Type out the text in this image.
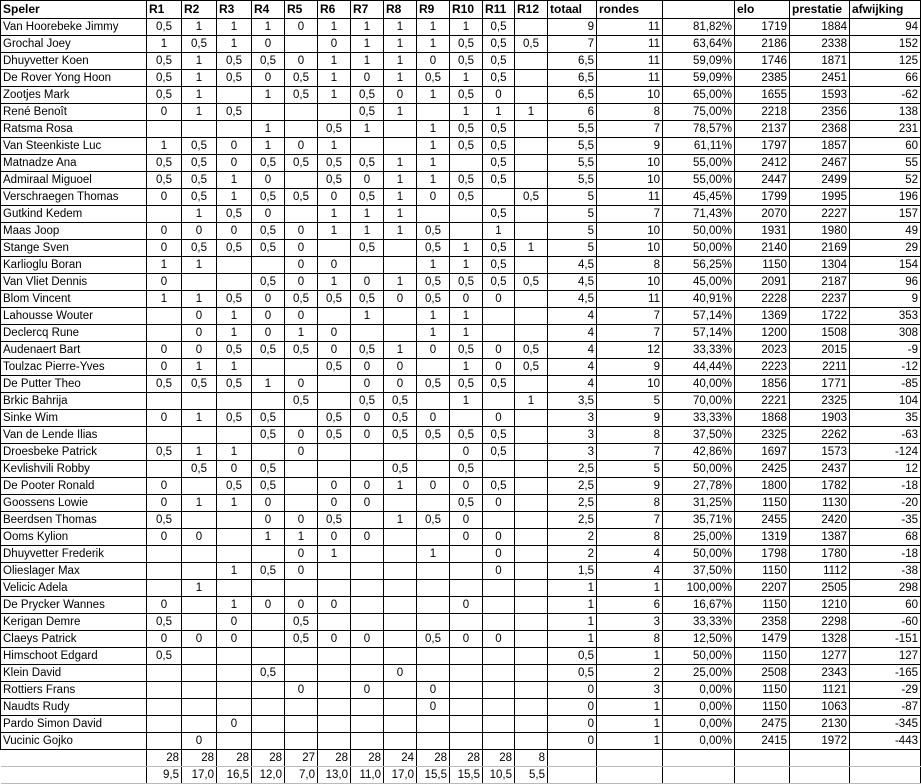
Speler	R1	R2	R3	R4	R5	R6	R7	R8	R9	R10	R11	R12	totaal	rondes		elo	prestatie	afwijking
Van Hoorebeke Jimmy	0,5	1	1	1	0	1	1	1	1	1	0,5		9	11	81,82%	1719	1884	94
Grochal Joey	1	0,5	1	0		0	1	1	1	0,5	0,5	0,5	7	11	63,64%	2186	2338	152
Dhuyvetter Koen	0,5	1	0,5	0,5	0	1	1	1	0	0,5	0,5		6,5	11	59,09%	1746	1871	125
De Rover Yong Hoon	0,5	1	0,5	0	0,5	1	0	1	0,5	1	0,5		6,5	11	59,09%	2385	2451	66
Zootjes Mark	0,5	1		1	0,5	1	0,5	0	1	0,5	0		6,5	10	65,00%	1655	1593	-62
René Benoît	0	1	0,5				0,5	1		1	1	1	6	8	75,00%	2218	2356	138
Ratsma Rosa				1		0,5	1		1	0,5	0,5		5,5	7	78,57%	2137	2368	231
Van Steenkiste Luc	1	0,5	0	1	0	1			1	0,5	0,5		5,5	9	61,11%	1797	1857	60
Matnadze Ana	0,5	0,5	0	0,5	0,5	0,5	0,5	1	1		0,5		5,5	10	55,00%	2412	2467	55
Admiraal Miguoel	0,5	0,5	1	0		0,5	0	1	1	0,5	0,5		5,5	10	55,00%	2447	2499	52
Verschraegen Thomas	0	0,5	1	0,5	0,5	0	0,5	1	0	0,5		0,5	5	11	45,45%	1799	1995	196
Gutkind Kedem		1	0,5	0		1	1	1			0,5		5	7	71,43%	2070	2227	157
Maas Joop	0	0	0	0,5	0	1	1	1	0,5		1		5	10	50,00%	1931	1980	49
Stange Sven	0	0,5	0,5	0,5	0		0,5		0,5	1	0,5	1	5	10	50,00%	2140	2169	29
Karlioglu Boran	1	1			0	0			1	1	0,5		4,5	8	56,25%	1150	1304	154
Van Vliet Dennis	0			0,5	0	1	0	1	0,5	0,5	0,5	0,5	4,5	10	45,00%	2091	2187	96
Blom Vincent	1	1	0,5	0	0,5	0,5	0,5	0	0,5	0	0		4,5	11	40,91%	2228	2237	9
Lahousse Wouter		0	1	0	0		1		1	1			4	7	57,14%	1369	1722	353
Declercq Rune		0	1	0	1	0			1	1			4	7	57,14%	1200	1508	308
Audenaert Bart	0	0	0,5	0,5	0,5	0	0,5	1	0	0,5	0	0,5	4	12	33,33%	2023	2015	-9
Toulzac Pierre-Yves	0	1	1			0,5	0	0		1	0	0,5	4	9	44,44%	2223	2211	-12
De Putter Theo	0,5	0,5	0,5	1	0		0	0	0,5	0,5	0,5		4	10	40,00%	1856	1771	-85
Brkic Bahrija					0,5		0,5	0,5		1		1	3,5	5	70,00%	2221	2325	104
Sinke Wim	0	1	0,5	0,5		0,5	0	0,5	0		0		3	9	33,33%	1868	1903	35
Van de Lende Ilias				0,5	0	0,5	0	0,5	0,5	0,5	0,5		3	8	37,50%	2325	2262	-63
Droesbeke Patrick	0,5	1	1		0					0	0,5		3	7	42,86%	1697	1573	-124
Kevlishvili Robby		0,5	0	0,5				0,5		0,5			2,5	5	50,00%	2425	2437	12
De Pooter Ronald	0		0,5	0,5		0	0	1	0	0	0,5		2,5	9	27,78%	1800	1782	-18
Goossens Lowie	0	1	1	0		0	0			0,5	0		2,5	8	31,25%	1150	1130	-20
Beerdsen Thomas	0,5			0	0	0,5		1	0,5	0			2,5	7	35,71%	2455	2420	-35
Ooms Kylion	0	0		1	1	0	0			0	0		2	8	25,00%	1319	1387	68
Dhuyvetter Frederik					0	1			1		0		2	4	50,00%	1798	1780	-18
Olieslager Max			1	0,5	0						0		1,5	4	37,50%	1150	1112	-38
Velicic Adela		1											1	1	100,00%	2207	2505	298
De Prycker Wannes	0		1	0	0	0				0			1	6	16,67%	1150	1210	60
Kerigan Demre	0,5		0		0,5								1	3	33,33%	2358	2298	-60
Claeys Patrick	0	0	0		0,5	0	0		0,5	0	0		1	8	12,50%	1479	1328	-151
Himschoot Edgard	0,5												0,5	1	50,00%	1150	1277	127
Klein David				0,5				0					0,5	2	25,00%	2508	2343	-165
Rottiers Frans					0		0		0				0	3	0,00%	1150	1121	-29
Naudts Rudy									0				0	1	0,00%	1150	1063	-87
Pardo Simon David			0										0	1	0,00%	2475	2130	-345
Vucinic Gojko		0											0	1	0,00%	2415	1972	-443
	28	28	28	28	27	28	28	24	28	28	28	8						
	9,5	17,0	16,5	12,0	7,0	13,0	11,0	17,0	15,5	15,5	10,5	5,5						
